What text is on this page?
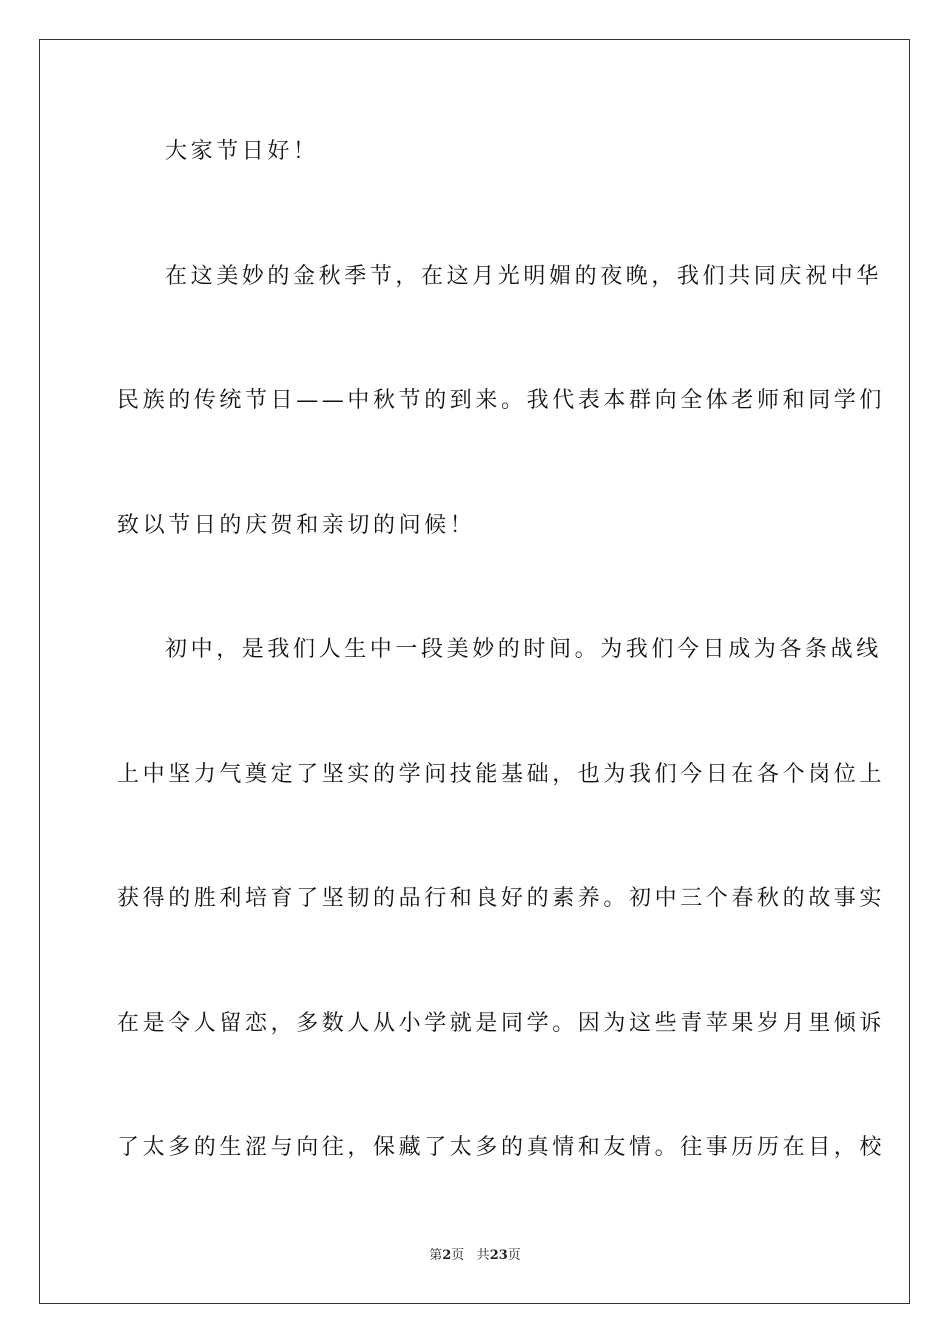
大家节日好！
在这美妙的金秋季节，在这月光明媚的夜晚，我们共同庆祝中华
民族的传统节日——中秋节的到来。我代表本群向全体老师和同学们
致以节日的庆贺和亲切的问候！
初中，是我们人生中一段美妙的时间。为我们今日成为各条战线
上中坚力气奠定了坚实的学问技能基础，也为我们今日在各个岗位上
获得的胜利培育了坚韧的品行和良好的素养。初中三个春秋的故事实
在是令人留恋，多数人从小学就是同学。因为这些青苹果岁月里倾诉
了太多的生涩与向往，保藏了太多的真情和友情。往事历历在目，校
第2页 共23页
